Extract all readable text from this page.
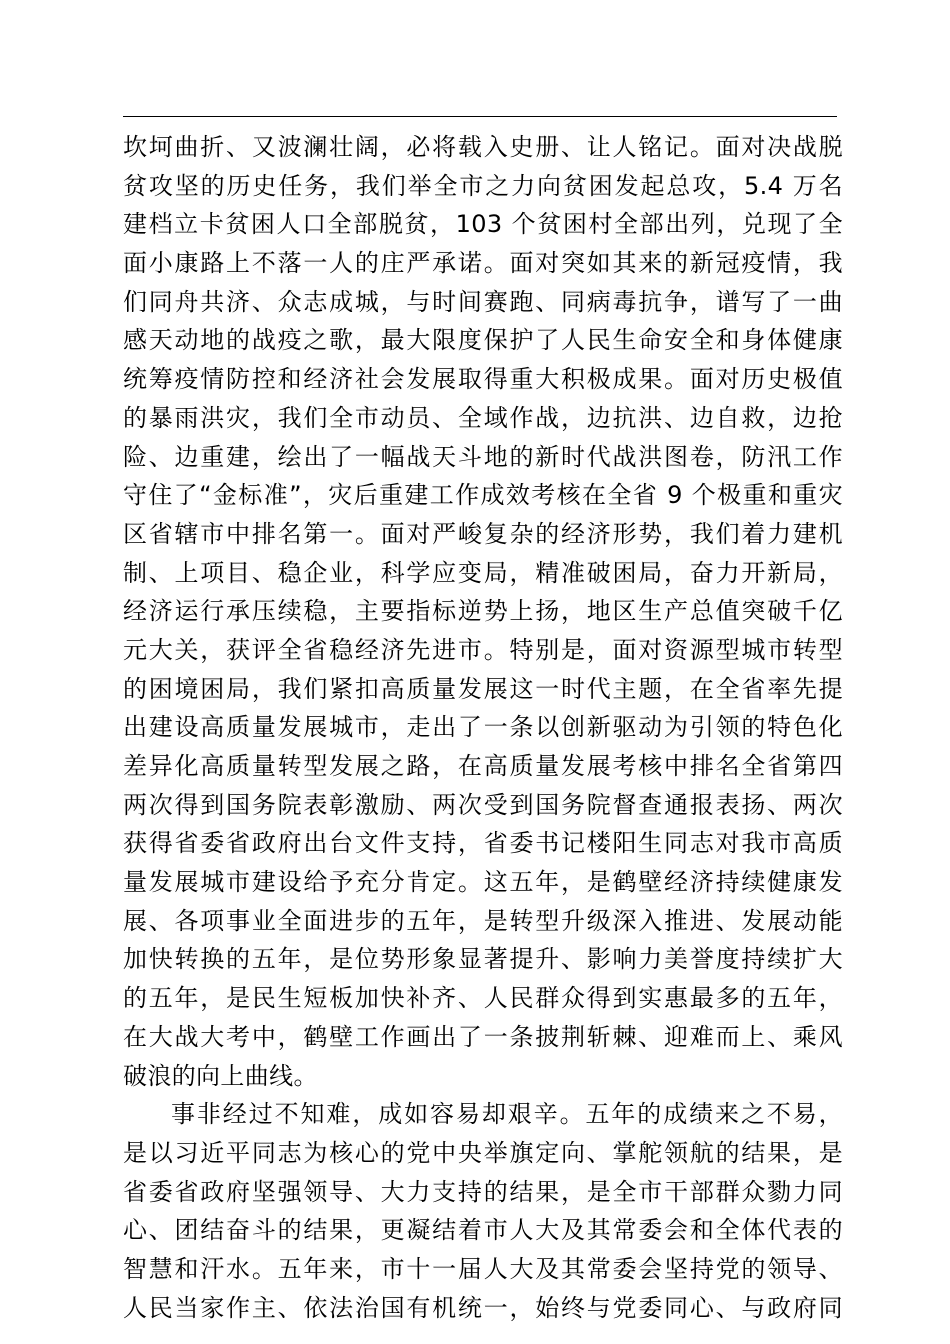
坎坷曲折、又波澜壮阔，必将载入史册、让人铭记。面对决战脱
贫攻坚的历史任务，我们举全市之力向贫困发起总攻，5.4 万名
建档立卡贫困人口全部脱贫，103 个贫困村全部出列，兑现了全
面小康路上不落一人的庄严承诺。面对突如其来的新冠疫情，我
们同舟共济、众志成城，与时间赛跑、同病毒抗争，谱写了一曲
感天动地的战疫之歌，最大限度保护了人民生命安全和身体健康
统筹疫情防控和经济社会发展取得重大积极成果。面对历史极值
的暴雨洪灾，我们全市动员、全域作战，边抗洪、边自救，边抢
险、边重建，绘出了一幅战天斗地的新时代战洪图卷，防汛工作
守住了“金标准”，灾后重建工作成效考核在全省 9 个极重和重灾
区省辖市中排名第一。面对严峻复杂的经济形势，我们着力建机
制、上项目、稳企业，科学应变局，精准破困局，奋力开新局，
经济运行承压续稳，主要指标逆势上扬，地区生产总值突破千亿
元大关，获评全省稳经济先进市。特别是，面对资源型城市转型
的困境困局，我们紧扣高质量发展这一时代主题，在全省率先提
出建设高质量发展城市，走出了一条以创新驱动为引领的特色化
差异化高质量转型发展之路，在高质量发展考核中排名全省第四
两次得到国务院表彰激励、两次受到国务院督查通报表扬、两次
获得省委省政府出台文件支持，省委书记楼阳生同志对我市高质
量发展城市建设给予充分肯定。这五年，是鹤壁经济持续健康发
展、各项事业全面进步的五年，是转型升级深入推进、发展动能
加快转换的五年，是位势形象显著提升、影响力美誉度持续扩大
的五年，是民生短板加快补齐、人民群众得到实惠最多的五年，
在大战大考中，鹤壁工作画出了一条披荆斩棘、迎难而上、乘风
破浪的向上曲线。
事非经过不知难，成如容易却艰辛。五年的成绩来之不易，
是以习近平同志为核心的党中央举旗定向、掌舵领航的结果，是
省委省政府坚强领导、大力支持的结果，是全市干部群众勠力同
心、团结奋斗的结果，更凝结着市人大及其常委会和全体代表的
智慧和汗水。五年来，市十一届人大及其常委会坚持党的领导、
人民当家作主、依法治国有机统一，始终与党委同心、与政府同
